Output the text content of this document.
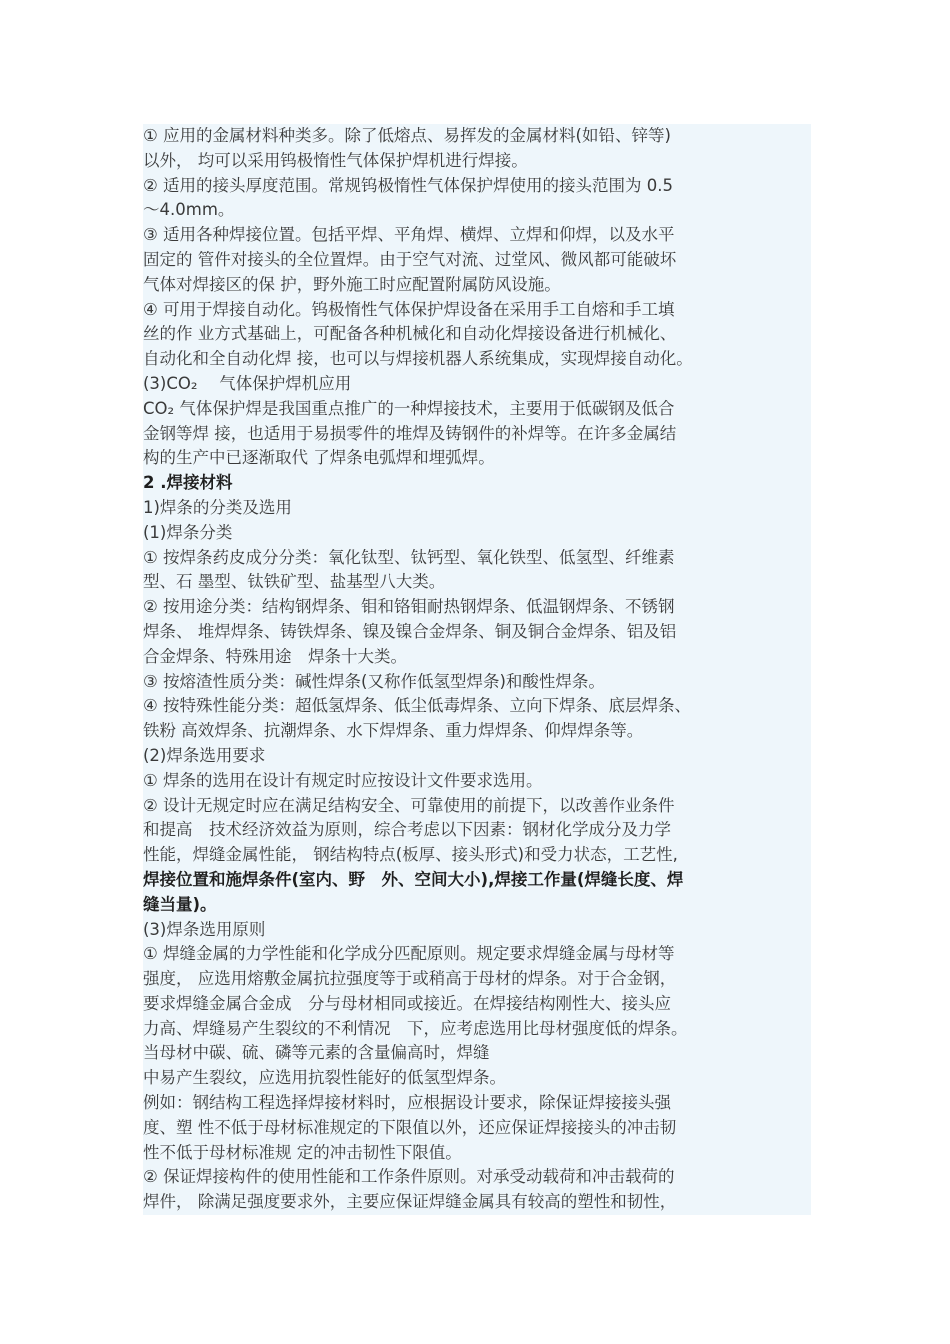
① 应用的金属材料种类多。除了低熔点、易挥发的金属材料(如铅、锌等)
以外， 均可以采用钨极惰性气体保护焊机进行焊接。
② 适用的接头厚度范围。常规钨极惰性气体保护焊使用的接头范围为 0.5
～4.0mm。
③ 适用各种焊接位置。包括平焊、平角焊、横焊、立焊和仰焊，以及水平
固定的 管件对接头的全位置焊。由于空气对流、过堂风、微风都可能破坏
气体对焊接区的保 护，野外施工时应配置附属防风设施。
④ 可用于焊接自动化。钨极惰性气体保护焊设备在采用手工自熔和手工填
丝的作 业方式基础上，可配备各种机械化和自动化焊接设备进行机械化、
自动化和全自动化焊 接，也可以与焊接机器人系统集成，实现焊接自动化。
(3)CO₂　 气体保护焊机应用
CO₂ 气体保护焊是我国重点推广的一种焊接技术，主要用于低碳钢及低合
金钢等焊 接，也适用于易损零件的堆焊及铸钢件的补焊等。在许多金属结
构的生产中已逐渐取代 了焊条电弧焊和埋弧焊。
2 .焊接材料
1)焊条的分类及选用
(1)焊条分类
① 按焊条药皮成分分类：氧化钛型、钛钙型、氧化铁型、低氢型、纤维素
型、石 墨型、钛铁矿型、盐基型八大类。
② 按用途分类：结构钢焊条、钼和铬钼耐热钢焊条、低温钢焊条、不锈钢
焊条、 堆焊焊条、铸铁焊条、镍及镍合金焊条、铜及铜合金焊条、铝及铝
合金焊条、特殊用途　焊条十大类。
③ 按熔渣性质分类：碱性焊条(又称作低氢型焊条)和酸性焊条。
④ 按特殊性能分类：超低氢焊条、低尘低毒焊条、立向下焊条、底层焊条、
铁粉 高效焊条、抗潮焊条、水下焊焊条、重力焊焊条、仰焊焊条等。
(2)焊条选用要求
① 焊条的选用在设计有规定时应按设计文件要求选用。
② 设计无规定时应在满足结构安全、可靠使用的前提下，以改善作业条件
和提高　技术经济效益为原则，综合考虑以下因素：钢材化学成分及力学
性能，焊缝金属性能， 钢结构特点(板厚、接头形式)和受力状态，工艺性,
焊接位置和施焊条件(室内、野　外、空间大小),焊接工作量(焊缝长度、焊
缝当量)。
(3)焊条选用原则
① 焊缝金属的力学性能和化学成分匹配原则。规定要求焊缝金属与母材等
强度， 应选用熔敷金属抗拉强度等于或稍高于母材的焊条。对于合金钢，
要求焊缝金属合金成　分与母材相同或接近。在焊接结构刚性大、接头应
力高、焊缝易产生裂纹的不利情况　下，应考虑选用比母材强度低的焊条。
当母材中碳、硫、磷等元素的含量偏高时，焊缝
中易产生裂纹，应选用抗裂性能好的低氢型焊条。
例如：钢结构工程选择焊接材料时，应根据设计要求，除保证焊接接头强
度、塑 性不低于母材标准规定的下限值以外，还应保证焊接接头的冲击韧
性不低于母材标准规 定的冲击韧性下限值。
② 保证焊接构件的使用性能和工作条件原则。对承受动载荷和冲击载荷的
焊件， 除满足强度要求外，主要应保证焊缝金属具有较高的塑性和韧性，
